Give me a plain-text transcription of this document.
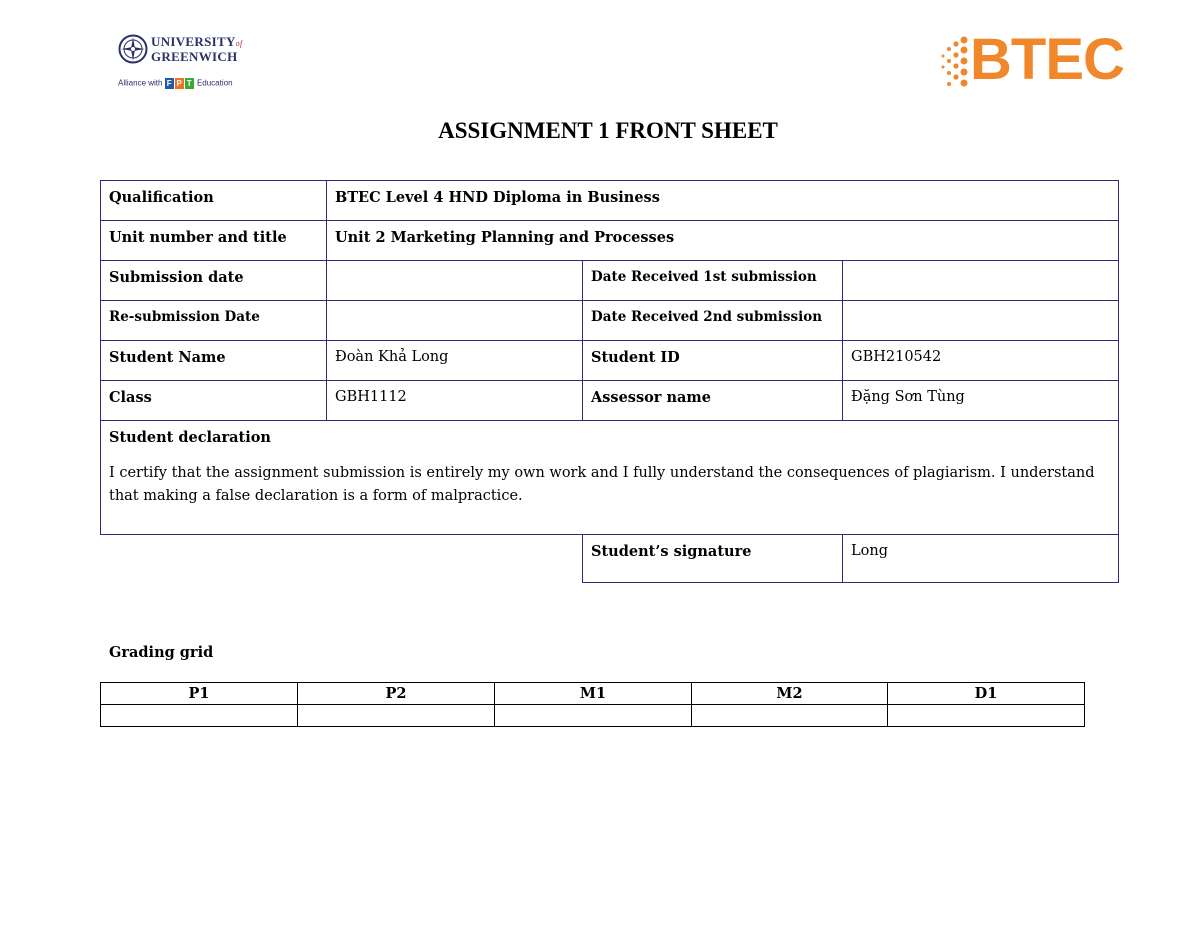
UNIVERSITYof
GREENWICH
Alliance with F P T Education	BTEC
ASSIGNMENT 1 FRONT SHEET
Qualification	BTEC Level 4 HND Diploma in Business		
Unit number and title	Unit 2 Marketing Planning and Processes		
Submission date		Date Received 1st submission	
Re-submission Date		Date Received 2nd submission	
Student Name	Đoàn Khả Long	Student ID	GBH210542
Class	GBH1112	Assessor name	Đặng Sơn Tùng

Student declaration
I certify that the assignment submission is entirely my own work and I fully understand the consequences of plagiarism. I understand that making a false declaration is a form of malpractice.			

		Student’s signature	Long
Grading grid
P1	P2	M1	M2	D1
